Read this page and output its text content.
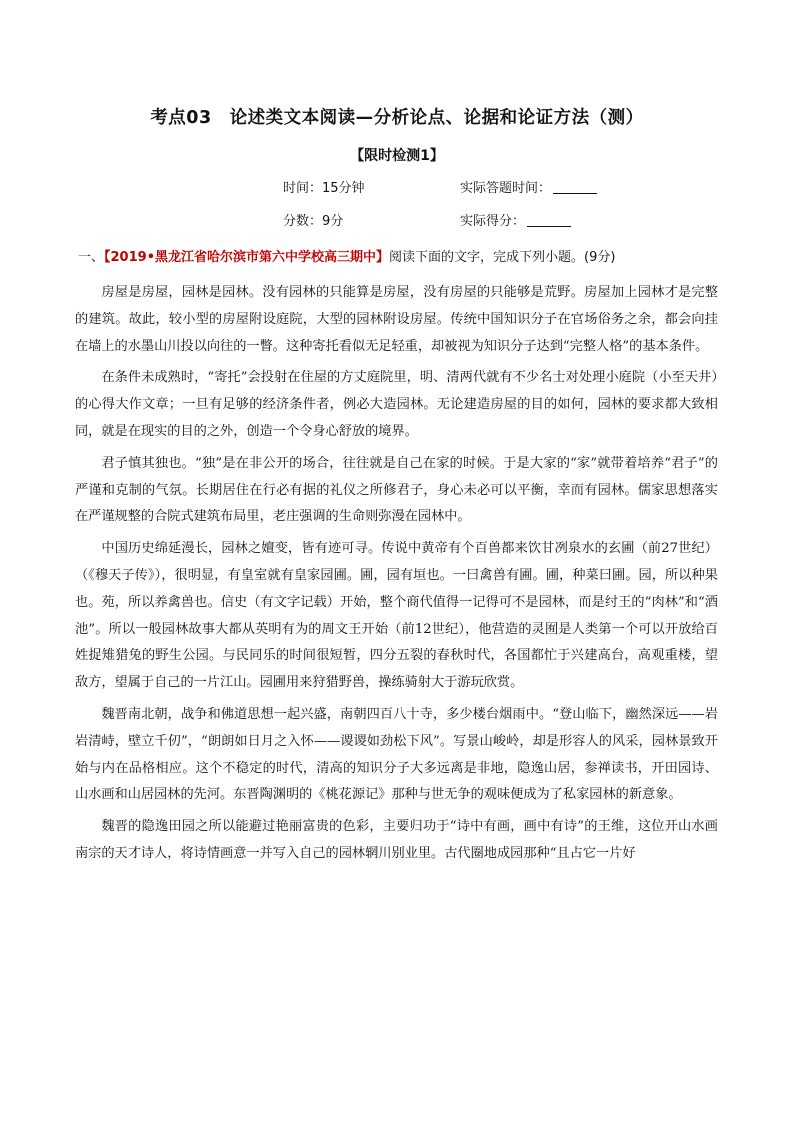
考点03　论述类文本阅读—分析论点、论据和论证方法（测）
【限时检测1】
时间：15分钟	实际答题时间：
分数：9分	实际得分：
一、【2019•黑龙江省哈尔滨市第六中学校高三期中】阅读下面的文字，完成下列小题。(9分)

房屋是房屋，园林是园林。没有园林的只能算是房屋，没有房屋的只能够是荒野。房屋加上园林才是完整的建筑。故此，较小型的房屋附设庭院，大型的园林附设房屋。传统中国知识分子在官场俗务之余，都会向挂在墙上的水墨山川投以向往的一瞥。这种寄托看似无足轻重，却被视为知识分子达到“完整人格”的基本条件。

在条件未成熟时，“寄托”会投射在住屋的方丈庭院里，明、清两代就有不少名士对处理小庭院（小至天井）的心得大作文章；一旦有足够的经济条件者，例必大造园林。无论建造房屋的目的如何，园林的要求都大致相同，就是在现实的目的之外，创造一个令身心舒放的境界。

君子慎其独也。“独”是在非公开的场合，往往就是自己在家的时候。于是大家的“家”就带着培养“君子”的严谨和克制的气氛。长期居住在行必有据的礼仪之所修君子，身心未必可以平衡，幸而有园林。儒家思想落实在严谨规整的合院式建筑布局里，老庄强调的生命则弥漫在园林中。

中国历史绵延漫长，园林之嬗变，皆有迹可寻。传说中黄帝有个百兽都来饮甘冽泉水的玄圃（前27世纪）（《穆天子传》），很明显，有皇室就有皇家园圃。圃，园有垣也。一曰禽兽有圃。圃，种菜曰圃。园，所以种果也。苑，所以养禽兽也。信史（有文字记载）开始，整个商代值得一记得可不是园林，而是纣王的“肉林”和“酒池”。所以一般园林故事大都从英明有为的周文王开始（前12世纪），他营造的灵囿是人类第一个可以开放给百姓捉雉猎兔的野生公园。与民同乐的时间很短暂，四分五裂的春秋时代，各国都忙于兴建高台，高观重楼，望敌方，望属于自己的一片江山。园圃用来狩猎野兽，操练骑射大于游玩欣赏。

魏晋南北朝，战争和佛道思想一起兴盛，南朝四百八十寺，多少楼台烟雨中。“登山临下，幽然深远——岩岩清峙，壁立千仞”，“朗朗如日月之入怀——谡谡如劲松下风”。写景山峻岭，却是形容人的风采，园林景致开始与内在品格相应。这个不稳定的时代，清高的知识分子大多远离是非地，隐逸山居，参禅读书，开田园诗、山水画和山居园林的先河。东晋陶渊明的《桃花源记》那种与世无争的观味便成为了私家园林的新意象。

魏晋的隐逸田园之所以能避过艳丽富贵的色彩，主要归功于“诗中有画，画中有诗”的王维，这位开山水画南宗的天才诗人，将诗情画意一并写入自己的园林辋川别业里。古代圈地成园那种“且占它一片好
